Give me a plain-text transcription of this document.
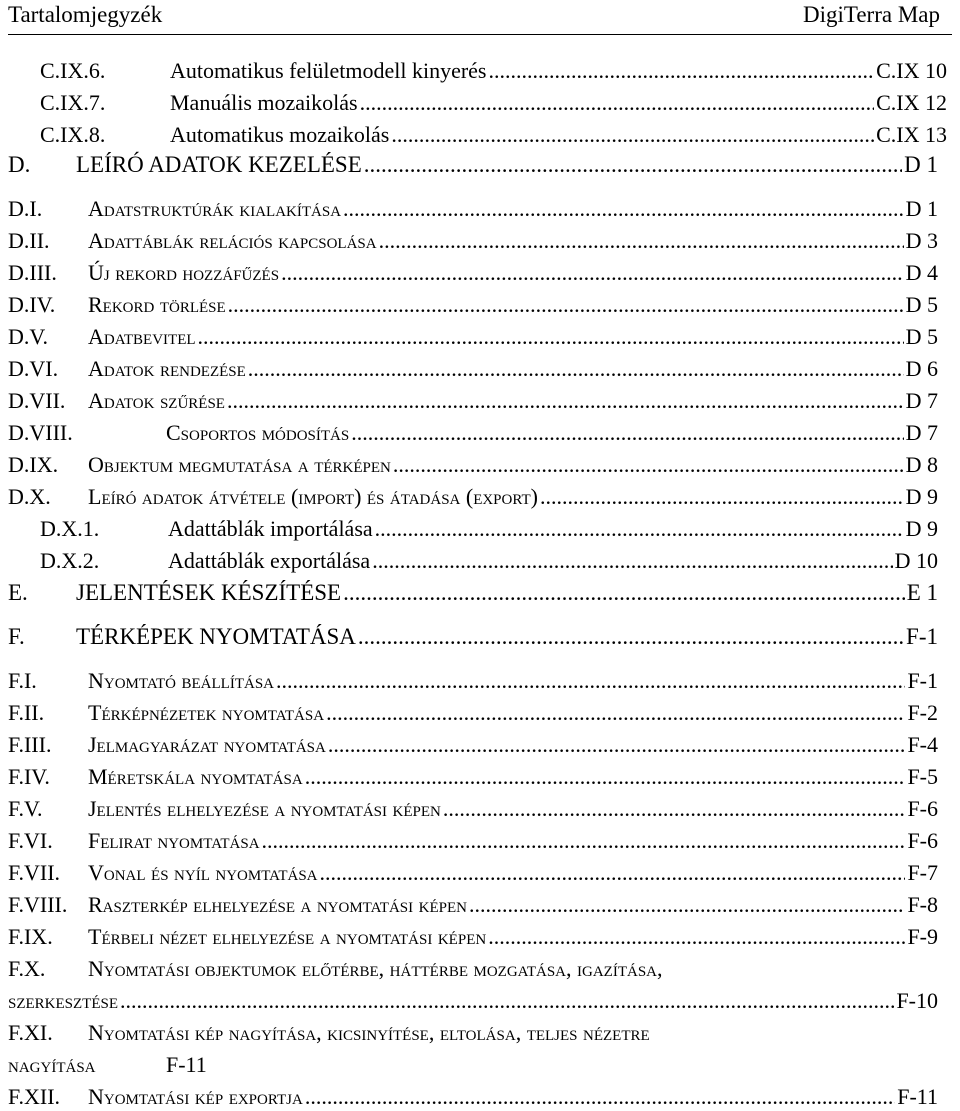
Tartalomjegyzék	DigiTerra Map
C.IX.6.	Automatikus felületmodell kinyerés .....	C.IX 10
C.IX.7.	Manuális mozaikolás .....	C.IX 12
C.IX.8.	Automatikus mozaikolás .....	C.IX 13
D.	LEÍRÓ ADATOK KEZELÉSE .....	D 1
D.I.	Adatstruktúrák kialakítása .....	D 1
D.II.	Adattáblák relációs kapcsolása .....	D 3
D.III.	Új rekord hozzáfűzés .....	D 4
D.IV.	Rekord törlése .....	D 5
D.V.	Adatbevitel .....	D 5
D.VI.	Adatok rendezése .....	D 6
D.VII.	Adatok szűrése .....	D 7
D.VIII.	Csoportos módosítás .....	D 7
D.IX.	Objektum megmutatása a térképen .....	D 8
D.X.	Leíró adatok átvétele (import) és átadása (export) .....	D 9
D.X.1.	Adattáblák importálása .....	D 9
D.X.2.	Adattáblák exportálása .....	D 10
E.	JELENTÉSEK KÉSZÍTÉSE .....	E 1
F.	TÉRKÉPEK NYOMTATÁSA .....	F-1
F.I.	Nyomtató beállítása .....	F-1
F.II.	Térképnézetek nyomtatása .....	F-2
F.III.	Jelmagyarázat nyomtatása .....	F-4
F.IV.	Méretskála nyomtatása .....	F-5
F.V.	Jelentés elhelyezése a nyomtatási képen .....	F-6
F.VI.	Felirat nyomtatása .....	F-6
F.VII.	Vonal és nyíl nyomtatása .....	F-7
F.VIII. Raszterkép elhelyezése a nyomtatási képen .....	F-8
F.IX.	Térbeli nézet elhelyezése a nyomtatási képen .....	F-9
F.X. Nyomtatási objektumok előtérbe, háttérbe mozgatása, igazítása,
szerkesztése .....	F-10
F.XI. Nyomtatási kép nagyítása, kicsinyítése, eltolása, teljes nézetre
nagyítása	F-11
F.XII.	Nyomtatási kép exportja .....	F-11
